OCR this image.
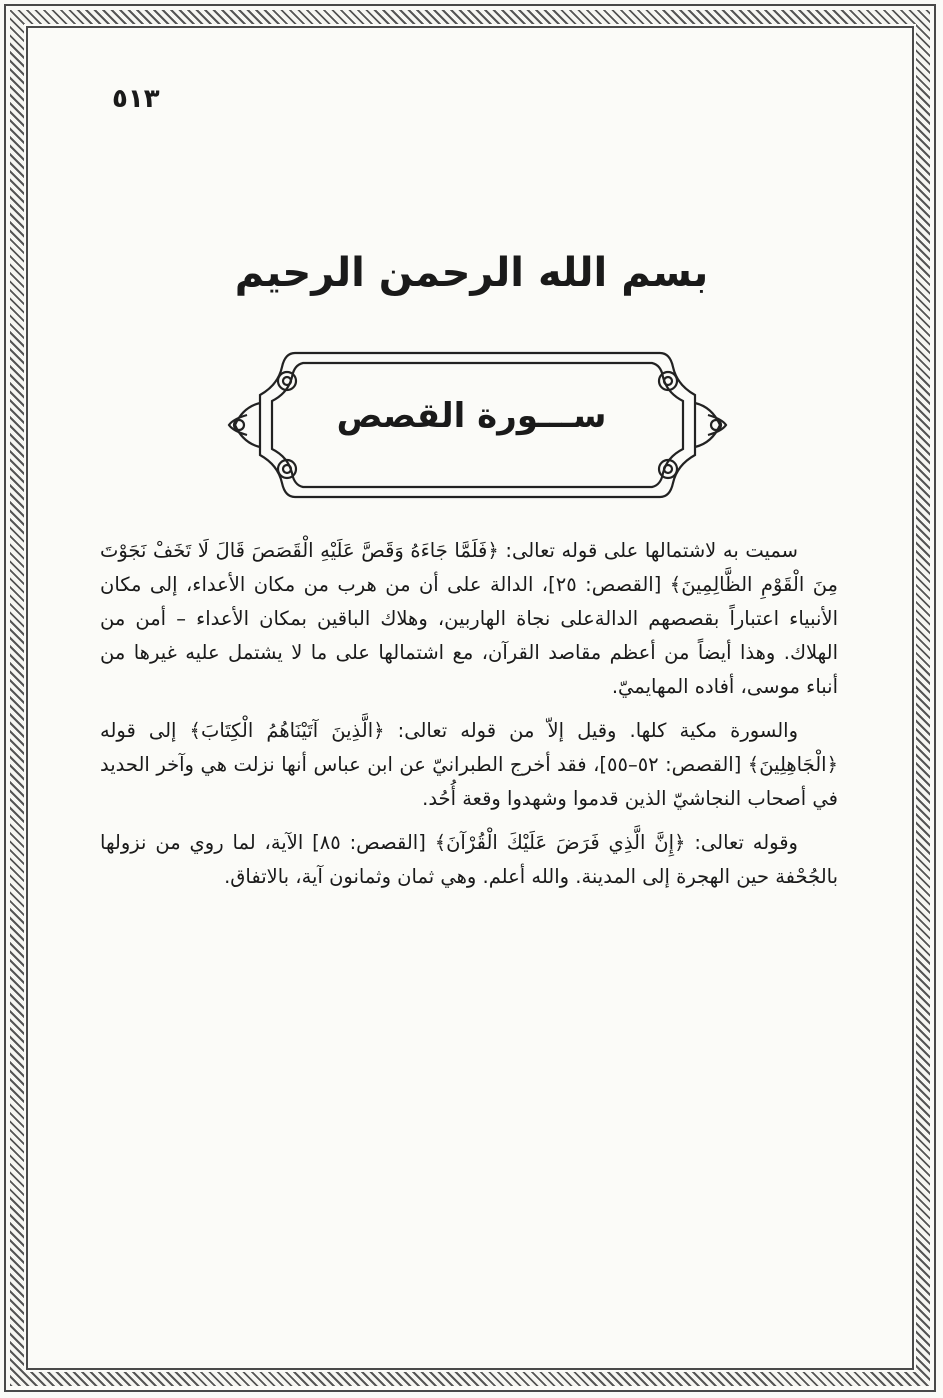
٥١٣
بسم الله الرحمن الرحيم
ســـورة القصص

سميت به لاشتمالها على قوله تعالى: ﴿فَلَمَّا جَاءَهُ وَقَصَّ عَلَيْهِ الْقَصَصَ قَالَ لَا تَخَفْ نَجَوْتَ مِنَ الْقَوْمِ الظَّالِمِينَ﴾ [القصص: ٢٥]، الدالة على أن من هرب من مكان الأعداء، إلى مكان الأنبياء اعتباراً بقصصهم الدالةعلى نجاة الهاربين، وهلاك الباقين بمكان الأعداء – أمن من الهلاك. وهذا أيضاً من أعظم مقاصد القرآن، مع اشتمالها على ما لا يشتمل عليه غيرها من أنباء موسى، أفاده المهايميّ.

والسورة مكية كلها. وقيل إلاّ من قوله تعالى: ﴿الَّذِينَ آتَيْنَاهُمُ الْكِتَابَ﴾ إلى قوله ﴿الْجَاهِلِينَ﴾ [القصص: ٥٢–٥٥]، فقد أخرج الطبرانيّ عن ابن عباس أنها نزلت هي وآخر الحديد في أصحاب النجاشيّ الذين قدموا وشهدوا وقعة أُحُد.

وقوله تعالى: ﴿إِنَّ الَّذِي فَرَضَ عَلَيْكَ الْقُرْآنَ﴾ [القصص: ٨٥] الآية، لما روي من نزولها بالجُحْفة حين الهجرة إلى المدينة. والله أعلم. وهي ثمان وثمانون آية، بالاتفاق.
